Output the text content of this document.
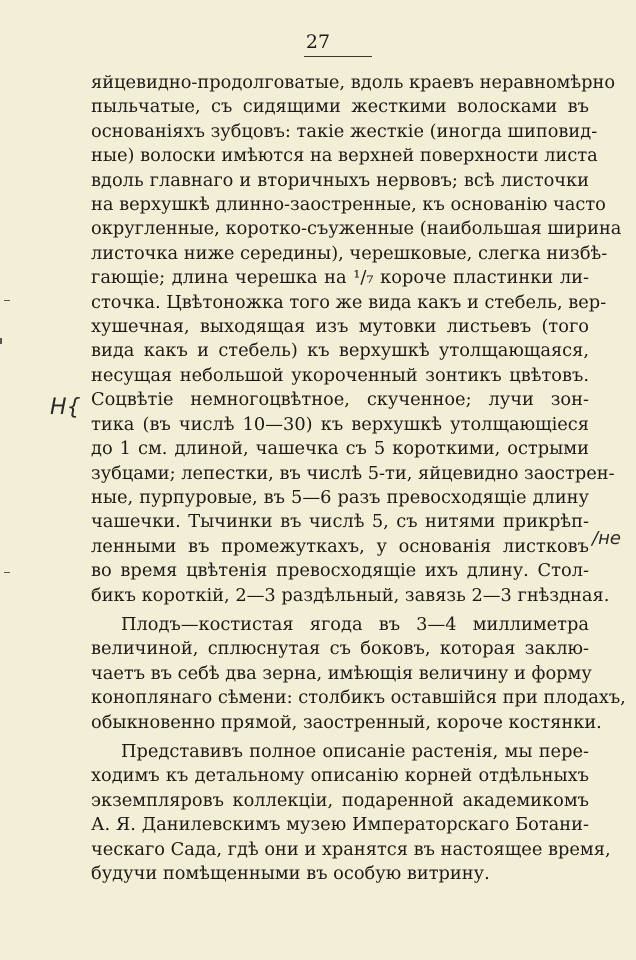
27
яйцевидно-продолговатые, вдоль краевъ неравномѣрно
пыльчатые, съ сидящими жесткими волосками въ
основаніяхъ зубцовъ: такіе жесткіе (иногда шиповид-
ные) волоски имѣются на верхней поверхности листа
вдоль главнаго и вторичныхъ нервовъ; всѣ листочки
на верхушкѣ длинно-заостренные, къ основанію часто
округленные, коротко-съуженные (наибольшая ширина
листочка ниже середины), черешковые, слегка низбѣ-
гающіе; длина черешка на ¹/₇ короче пластинки ли-
сточка. Цвѣтоножка того же вида какъ и стебель, вер-
хушечная, выходящая изъ мутовки листьевъ (того
вида какъ и стебель) къ верхушкѣ утолщающаяся,
несущая небольшой укороченный зонтикъ цвѣтовъ.
Соцвѣтіе немногоцвѣтное, скученное; лучи зон-
тика (въ числѣ 10—30) къ верхушкѣ утолщающіеся
до 1 см. длиной, чашечка съ 5 короткими, острыми
зубцами; лепестки, въ числѣ 5-ти, яйцевидно заострен-
ные, пурпуровые, въ 5—6 разъ превосходящіе длину
чашечки. Тычинки въ числѣ 5, съ нитями прикрѣп-
ленными въ промежуткахъ, у основанія листковъ
во время цвѣтенія превосходящіе ихъ длину. Стол-
бикъ короткій, 2—3 раздѣльный, завязь 2—3 гнѣздная.
Плодъ—костистая ягода въ 3—4 миллиметра
величиной, сплюснутая съ боковъ, которая заклю-
чаетъ въ себѣ два зерна, имѣющія величину и форму
коноплянаго сѣмени: столбикъ оставшійся при плодахъ,
обыкновенно прямой, заостренный, короче костянки.
Представивъ полное описаніе растенія, мы пере-
ходимъ къ детальному описанію корней отдѣльныхъ
экземпляровъ коллекціи, подаренной академикомъ
А. Я. Данилевскимъ музею Императорскаго Ботани-
ческаго Сада, гдѣ они и хранятся въ настоящее время,
будучи помѣщенными въ особую витрину.
Н{
/не
